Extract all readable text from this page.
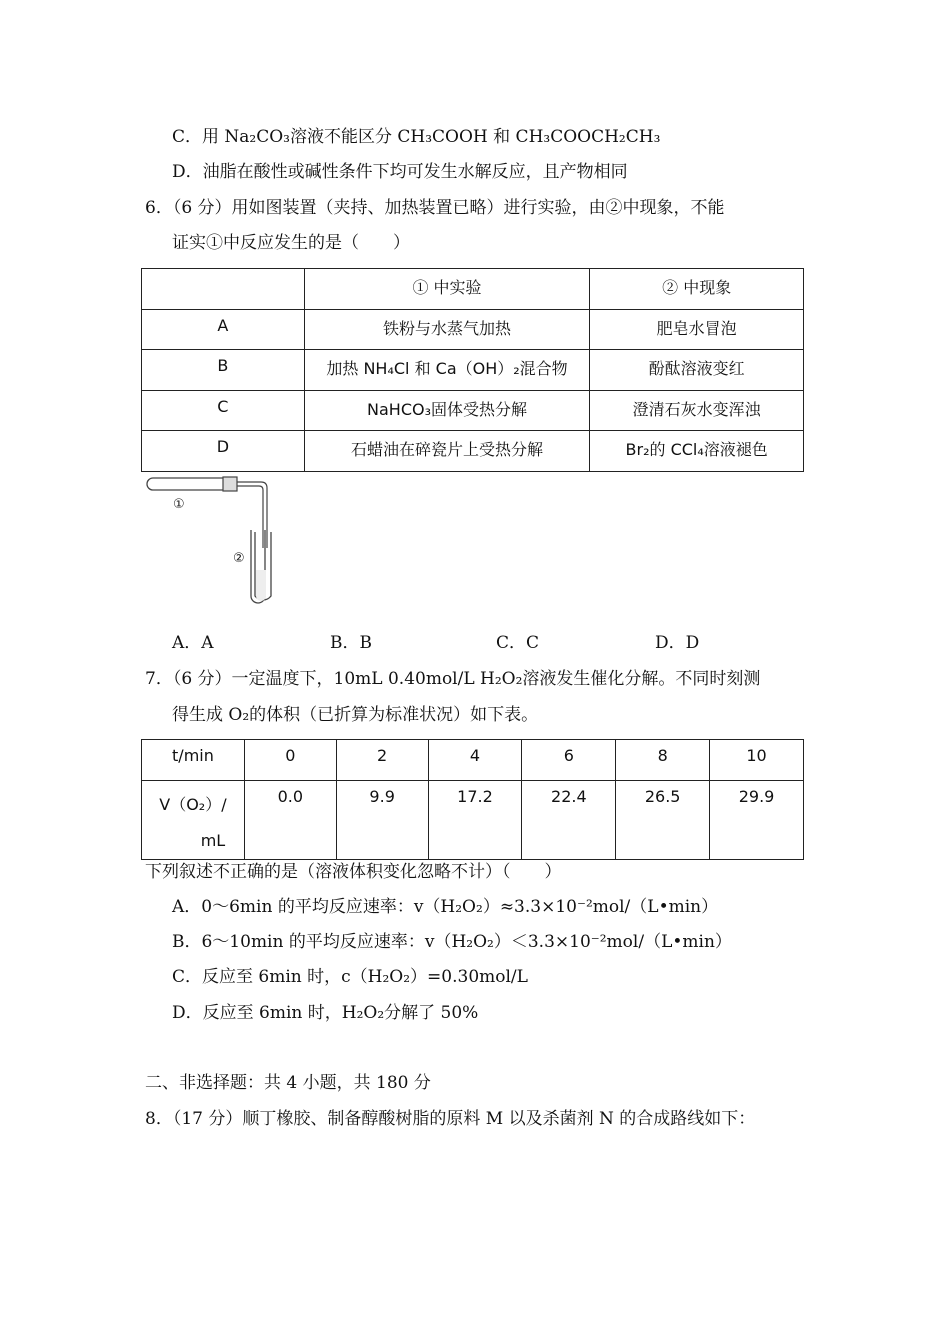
C．用 Na₂CO₃溶液不能区分 CH₃COOH 和 CH₃COOCH₂CH₃
D．油脂在酸性或碱性条件下均可发生水解反应，且产物相同
6．（6 分）用如图装置（夹持、加热装置已略）进行实验，由②中现象，不能
证实①中反应发生的是（　　）
	① 中实验	② 中现象
A	铁粉与水蒸气加热	肥皂水冒泡
B	加热 NH₄Cl 和 Ca（OH）₂混合物	酚酞溶液变红
C	NaHCO₃固体受热分解	澄清石灰水变浑浊
D	石蜡油在碎瓷片上受热分解	Br₂的 CCl₄溶液褪色
①
②
A．A	B．B	C．C	D．D
7．（6 分）一定温度下，10mL 0.40mol/L H₂O₂溶液发生催化分解。不同时刻测
得生成 O₂的体积（已折算为标准状况）如下表。
t/min	0	2	4	6	8	10
V（O₂）/
mL	0.0	9.9	17.2	22.4	26.5	29.9
下列叙述不正确的是（溶液体积变化忽略不计）（　　）
A．0～6min 的平均反应速率：v（H₂O₂）≈3.3×10⁻²mol/（L•min）
B．6～10min 的平均反应速率：v（H₂O₂）＜3.3×10⁻²mol/（L•min）
C．反应至 6min 时，c（H₂O₂）=0.30mol/L
D．反应至 6min 时，H₂O₂分解了 50%
二、非选择题：共 4 小题，共 180 分
8．（17 分）顺丁橡胶、制备醇酸树脂的原料 M 以及杀菌剂 N 的合成路线如下：
